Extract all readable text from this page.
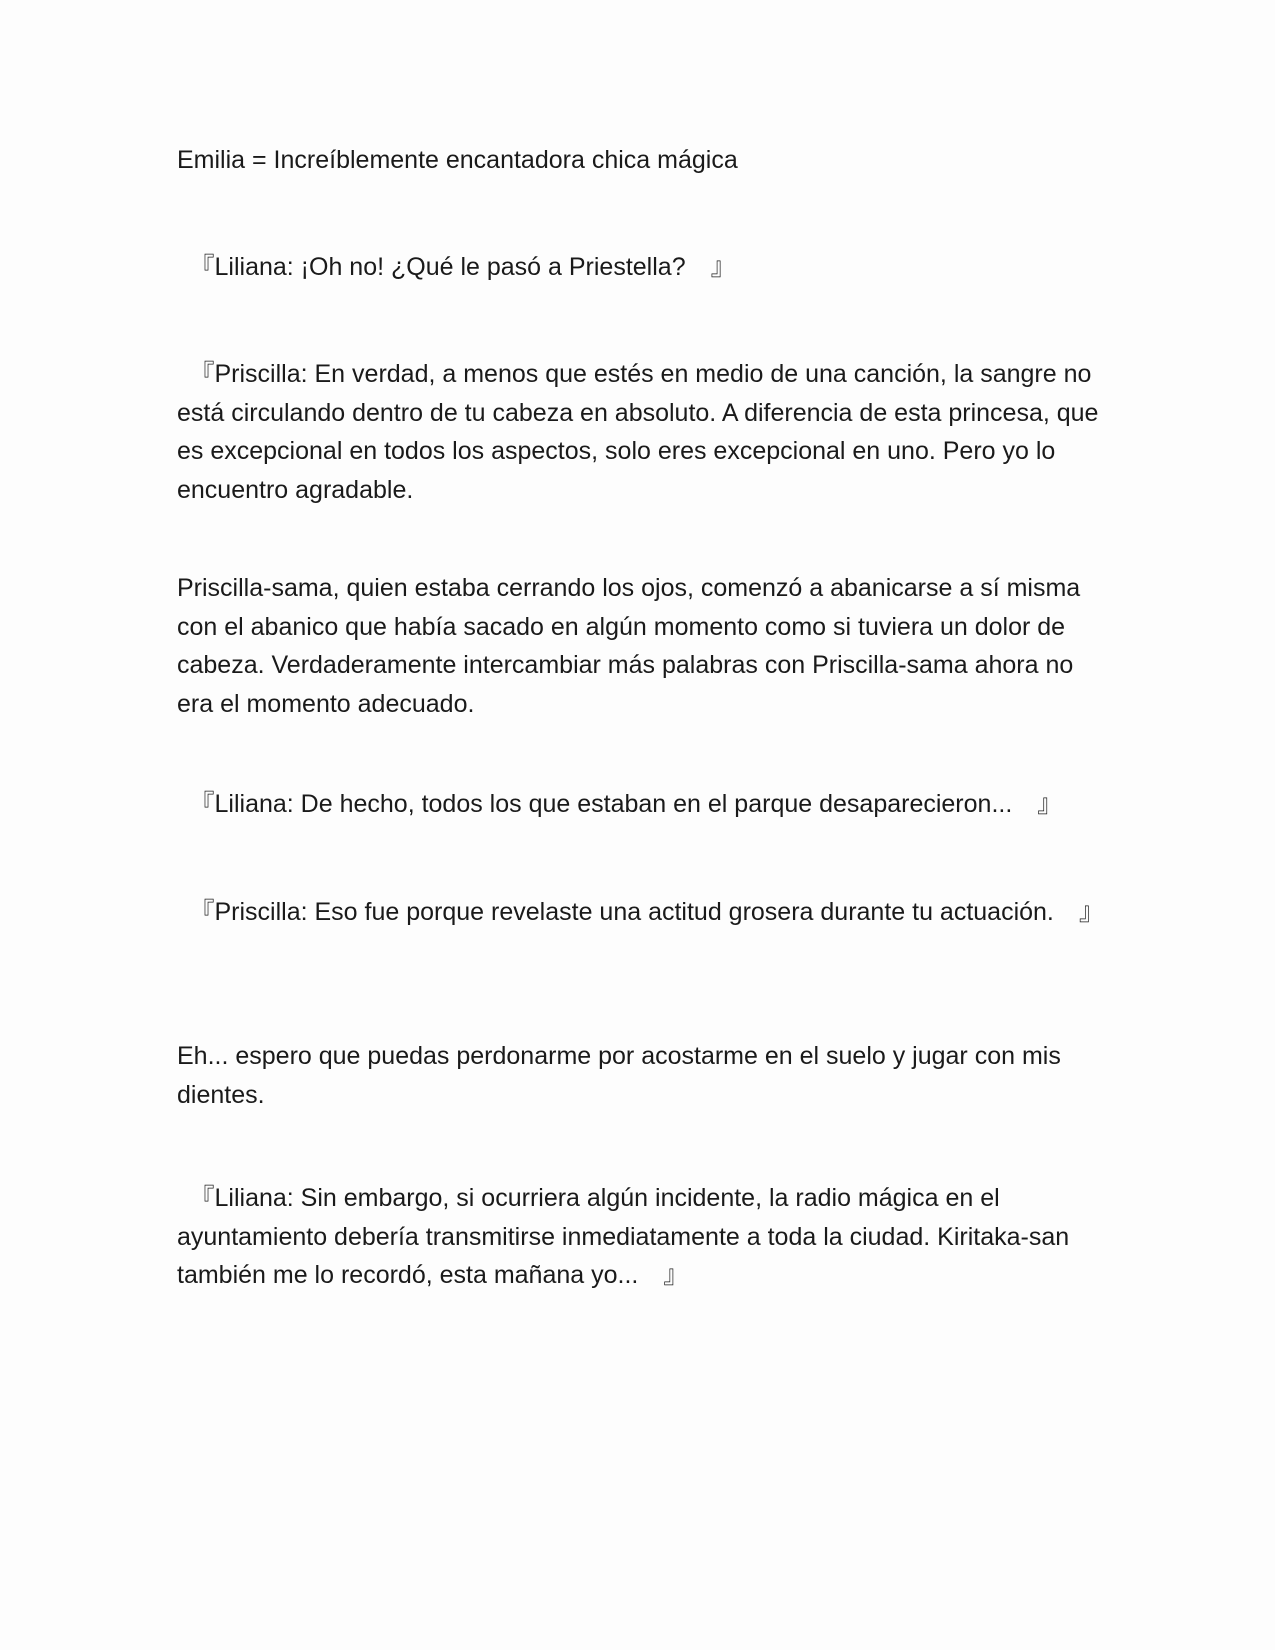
Emilia = Increíblemente encantadora chica mágica

　『Liliana: ¡Oh no! ¿Qué le pasó a Priestella?　』

　『Priscilla: En verdad, a menos que estés en medio de una canción, la sangre no está circulando dentro de tu cabeza en absoluto. A diferencia de esta princesa, que es excepcional en todos los aspectos, solo eres excepcional en uno. Pero yo lo encuentro agradable.

Priscilla-sama, quien estaba cerrando los ojos, comenzó a abanicarse a sí misma con el abanico que había sacado en algún momento como si tuviera un dolor de cabeza. Verdaderamente intercambiar más palabras con Priscilla-sama ahora no era el momento adecuado.

　『Liliana: De hecho, todos los que estaban en el parque desaparecieron...　』

　『Priscilla: Eso fue porque revelaste una actitud grosera durante tu actuación.　』

Eh... espero que puedas perdonarme por acostarme en el suelo y jugar con mis dientes.

　『Liliana: Sin embargo, si ocurriera algún incidente, la radio mágica en el ayuntamiento debería transmitirse inmediatamente a toda la ciudad. Kiritaka-san también me lo recordó, esta mañana yo...　』
